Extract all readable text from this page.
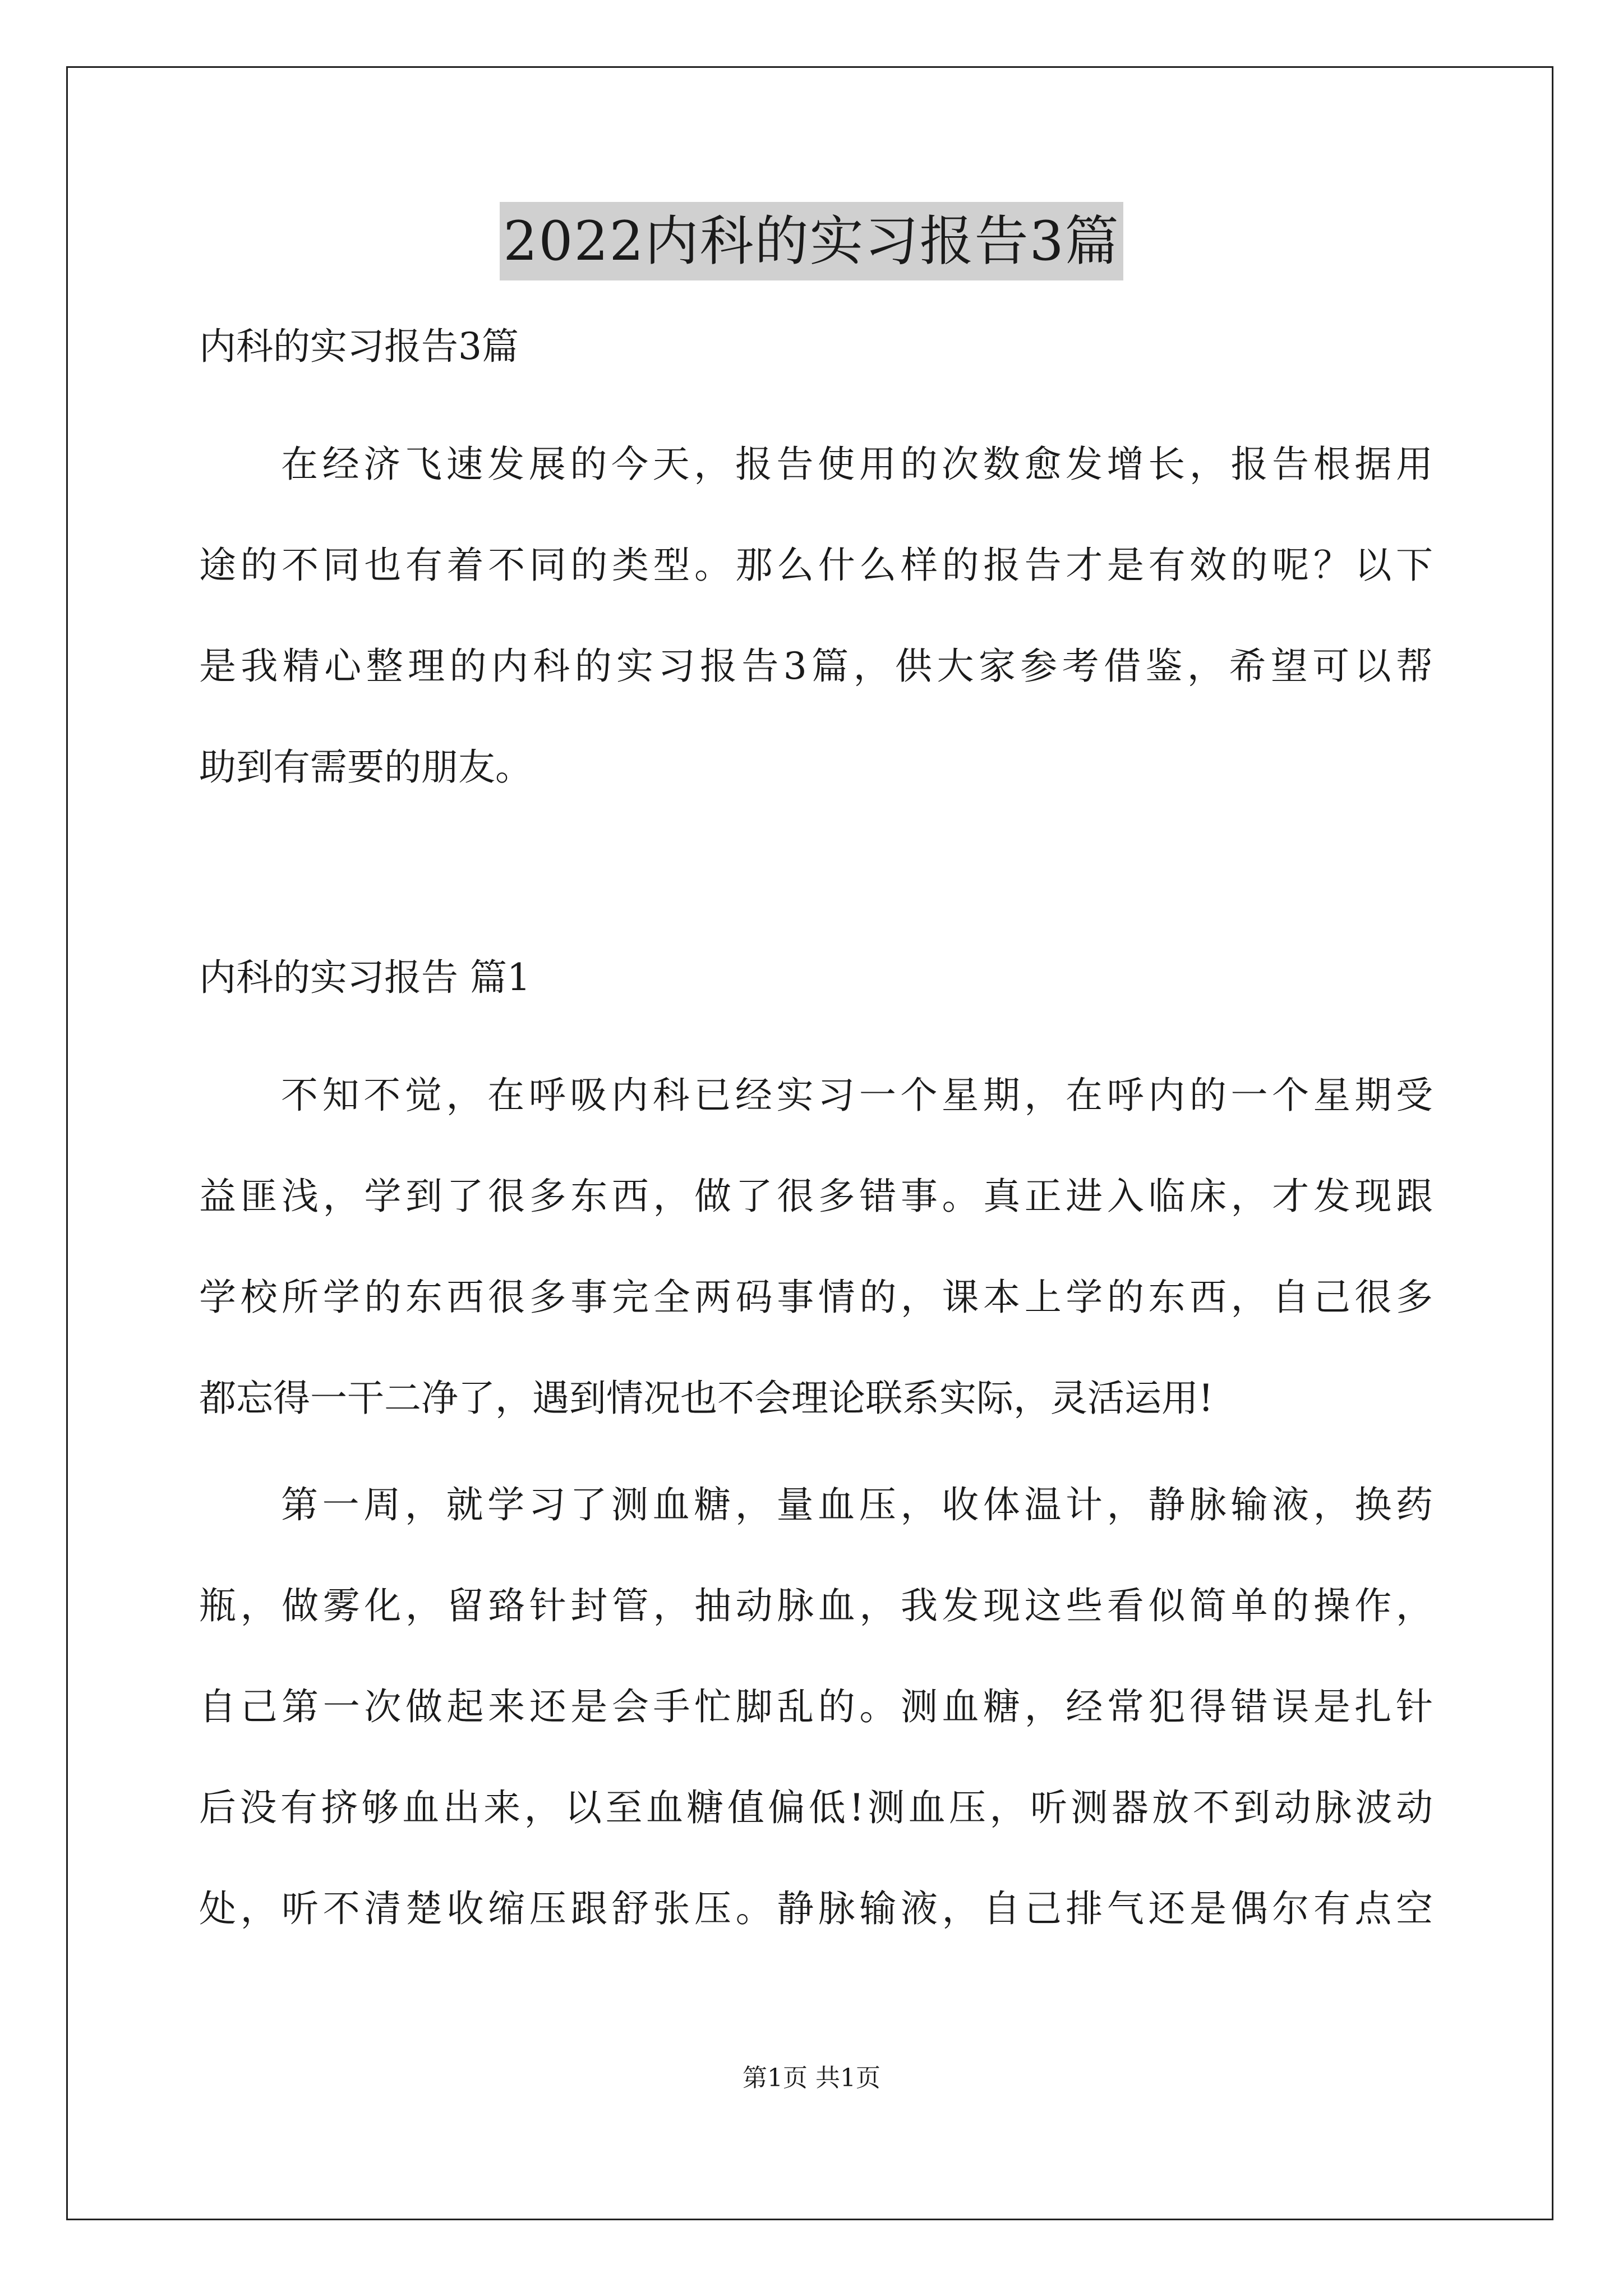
2022内科的实习报告3篇
内科的实习报告3篇
在经济飞速发展的今天，报告使用的次数愈发增长，报告根据用
途的不同也有着不同的类型。那么什么样的报告才是有效的呢？以下
是我精心整理的内科的实习报告3篇，供大家参考借鉴，希望可以帮
助到有需要的朋友。
内科的实习报告 篇1
不知不觉，在呼吸内科已经实习一个星期，在呼内的一个星期受
益匪浅，学到了很多东西，做了很多错事。真正进入临床，才发现跟
学校所学的东西很多事完全两码事情的，课本上学的东西，自己很多
都忘得一干二净了，遇到情况也不会理论联系实际，灵活运用!
第一周，就学习了测血糖，量血压，收体温计，静脉输液，换药
瓶，做雾化，留臵针封管，抽动脉血，我发现这些看似简单的操作，
自己第一次做起来还是会手忙脚乱的。测血糖，经常犯得错误是扎针
后没有挤够血出来，以至血糖值偏低!测血压，听测器放不到动脉波动
处，听不清楚收缩压跟舒张压。静脉输液，自己排气还是偶尔有点空
第1页 共1页
